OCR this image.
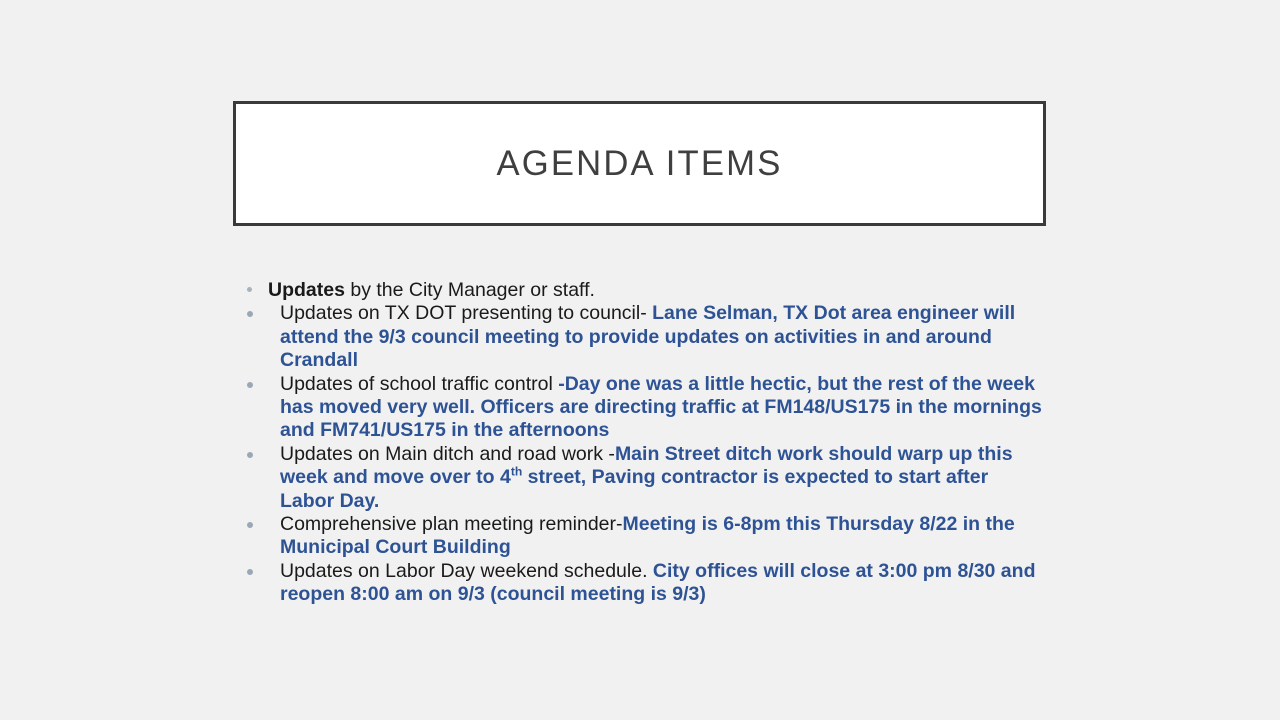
AGENDA ITEMS
Updates by the City Manager or staff.
Updates on TX DOT presenting to council- Lane Selman, TX Dot area engineer will attend the 9/3 council meeting to provide updates on activities in and around Crandall
Updates of school traffic control -Day one was a little hectic, but the rest of the week has moved very well. Officers are directing traffic at FM148/US175 in the mornings and FM741/US175 in the afternoons
Updates on Main ditch and road work -Main Street ditch work should warp up this week and move over to 4th street, Paving contractor is expected to start after Labor Day.
Comprehensive plan meeting reminder-Meeting is 6-8pm this Thursday 8/22 in the Municipal Court Building
Updates on Labor Day weekend schedule. City offices will close at 3:00 pm 8/30 and reopen 8:00 am on 9/3 (council meeting is 9/3)
